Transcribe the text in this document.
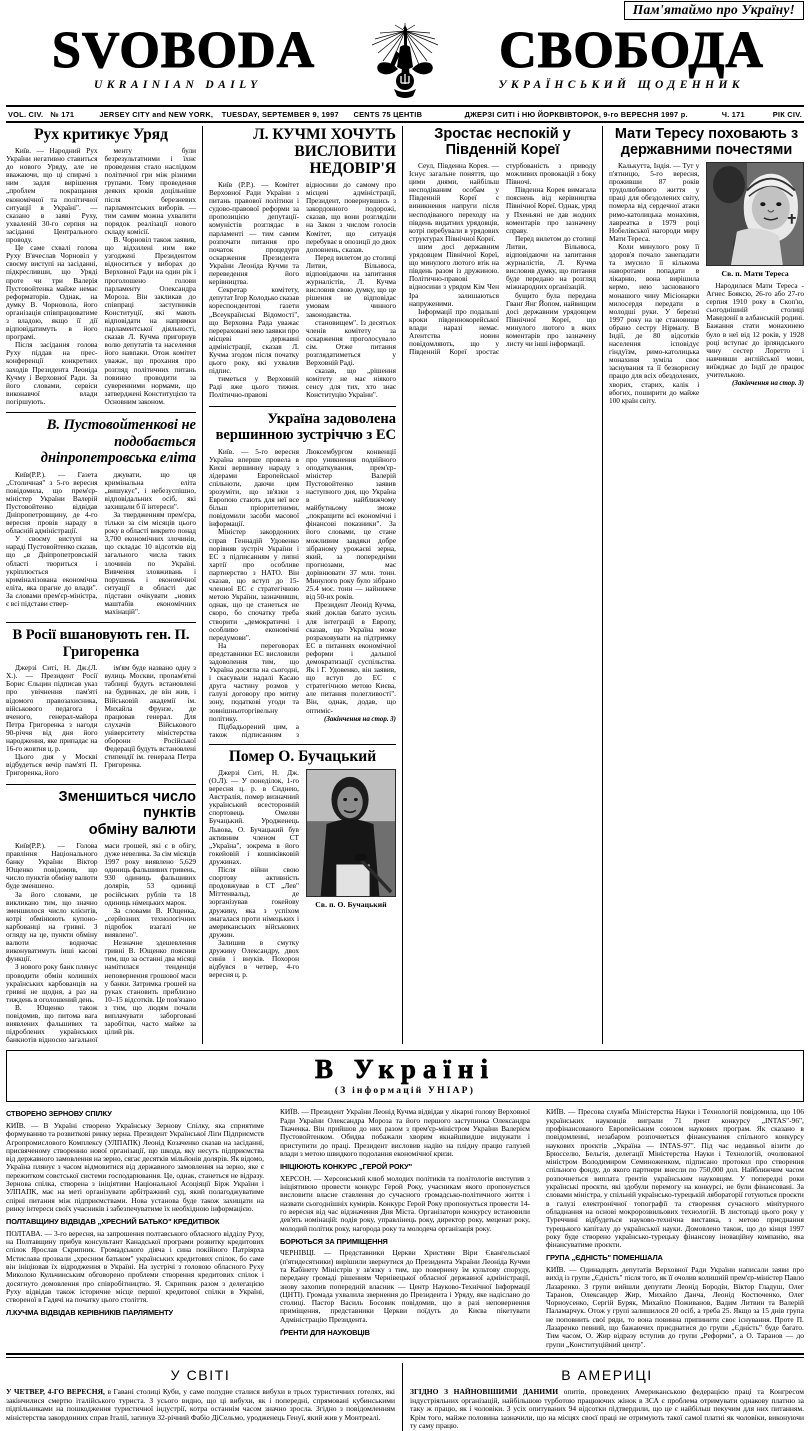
Пам'ятаймо про Україну!
SVOBODA
UKRAINIAN DAILY
СВОБОДА
УКРАЇНСЬКИЙ ЩОДЕННИК
VOL. CIV. № 171	JERSEY CITY and NEW YORK,	TUESDAY, SEPTEMBER 9, 1997	CENTS 75 ЦЕНТІВ	ДЖЕРЗІ СИТІ і НЮ ЙОРК ВІВТОРОК, 9-го ВЕРЕСНЯ 1997 р.	Ч. 171	РІК CIV.
Рух критикує Уряд

Київ. — Народний Рух України негативно ставиться до нового Уряду, але не вважаючи, що ці спирачі з ним задля вирішення „проблем покращання економічної та політичної ситуації в Україні". — сказано в заяві Руху, ухваленій 30-го серпня на засіданні Центрального проводу.

Це саме схвалі голова Руху В'ячеслав Чорновіл у своєму виступі на засіданні, підкресливши, що Уряді проте чи три Валерія Пустовойтенка майже немає реформаторів. Однак, на думку В. Чорновола, його організація співпрацюватиме з владою, якщо її дії відповідатимуть в його програмі.

Після засідання голова Руху піддав на прес-конференції конкретних заходів Президента Леоніда Кучму і Верховної Ради. За його словами, сервіси виконавчої влади погіршують.

менту були безрезультатними і їхнє проведення стало наслідком політичної гри між різними групами. Тому проведення деяких кроків доцільніше після березневих парламентських виборів. — тим самим можна ухвалити порядок реалізації нового складу комісії.

В. Чорновіл також заявив, що відхилені ним вже узгоджені Президентом відноситься у виборах до Верховної Ради на один рік і проголошено голови парламенту Олександра Мороза. Він закликав до співпраці заступників Конституції, які мають відповідати на напрямки парламентської діяльності, сказав Л. Кучма пригорнув волю депутатів та населення його навпаки. Отож комітет уважає, що прохання про розгляд політичних питань повинно проводити за суверенними нормами, що затверджені Конституцією та Основним законом.

В. Пустовойтенкові не подобається
дніпропетровська еліта

Київ(Р.Р.). — Газета „Столичная" з 5-го вересня повідомила, що прем'єр-міністер України Валерій Пустовойтенко відвідав Дніпропетровщину, де 4-го вересня провів нараду в обласній адміністрації.

У своєму виступі на нараді Пустовойтенко сказав, що „в Дніпропетровській області твориться і укріплюється криміналізована економічна еліта, яка прагне до влади". За словами прем'єр-міністра, є всі підстави ствер-

джувати, що ця кримінальна еліта „вишукує", і небезуспішно, відповідальних осіб, які захищали б її інтереси".

За твердженням прем'єра, тільки за сім місяців цього року в області викрито понад 3,700 економічних злочинів, що складає 10 відсотків від загального числа таких злочинів по Україні. Вивчення зловживань і порушень і економічної ситуації в області дає підстави очікувати „нових маштабів економічних махінацій".

В Росії вшановують ген. П. Григоренка

Джерзі Ситі, Н. Дж.(Л. Х.). — Президент Росії Борис Єльцин підписав указ про увічнення пам'яті відомого правозахисника, військового педагога і вченого, генерал-майора Петра Григоренка з нагоди 90-річчя від дня його народження, яке припадає на 16-го жовтня ц. р.

Цього дня у Москві відбудеться вечір пам'яті П. Григоренка, його

ім'ям буде названо одну з вулиць Москви, пропам'ятні таблиці будуть встановлені на будинках, де він жив, і Військовій академії ім. Михайла Фрунзе, де працював генерал. Для слухачів Військового університету міністерства оборони Російської Федерації будуть встановлені стипендії ім. генерала Петра Григоренка.

Зменшиться число пунктів
обміну валюти

Київ(Р.Р.). — Голова правління Національного банку України Віктор Ющенко повідомив, що число пунктів обміну валюти буде зменшено.

За його словами, це викликано тим, що значно зменшилося число клієнтів, котрі обмінюють купоно-карбованці на гривні. З огляду на це, пункти обміну валюти водночас виконуватимуть інші касові функції.

З нового року банк плянує проводити обмін колишніх українських карбованців на гривні не щодня, а раз на тиждень в оголошений день.

В. Ющенко також повідомив, що питома вага виявлених фальшивих та підроблених українських банкнотів відносно загальної маси грошей, які є в обігу, дуже невелика. За сім місяців 1997 року виявлено 5,629 одиниць фальшивих гривень, 930 одиниць фальшивих долярів, 53 одиниці російських рублів та 18 одиниць німецьких марок.

За словами В. Ющенка, „серйозних технологічних підробок взагалі не виявлено".

Незначне здешевлення гривні В. Ющенко пояснив тим, що за останні два місяці намітилася тенденція неповернення грошової маси у банки. Затримка грошей на руках становить приблизно 10–15 відсотків. Це пов'язано з тим, що людям почали виплачувати заборговані заробітки, часто майже за цілий рік.

Л. КУЧМІ ХОЧУТЬ ВИСЛОВИТИ
НЕДОВІР'Я

Київ (Р.Р.). — Комітет Верховної Ради України з питань правової політики і судово-правової реформи за пропозицією депутації-комуністів розглядає в парламенті — тим самим розпочати питання про початок процедури оскарження Президента України Леоніда Кучми та переведення його керівництва.

Секретар комітету, депутат Ігор Колодько сказав кореспондентові газети „Всеукраїнські Відомості", що Верховна Рада уважає перераховані нею заявки про місцеві державні адміністрації, сказав Л. Кучма згодом після початку цього року, які ухвалив підпис.

тиметься у Верховній Раді вже цього тижня. Політично-правові відносини до самому про місцеві адміністрації, Президент, повернувшись з закордонного подорожі, сказав, що вони розгляділи на Закон з числом голосів Комітет, що ситуація перебуває в опозиції до двох доповнень, сказав.

Перед вилетом до столиці Литви, Вільнюса, відповідаючи на запитання журналістів, Л. Кучма висловив свою думку, що це рішення не відповідає умовам чинного законодавства.

становищем". Із десятьох членів комітету за оскарження проголосувало сім. Отже питання розглядатиметься у Верховній Раді.

сказав, що „рішення комітету не має ніякого сенсу для тих, хто знає Конституцію України".

Україна задоволена
вершинною зустріччю з ЕС

Київ. — 5-го вересня Україна вперше провела в Києві вершинну нараду з лідерами Европейської спільноти, даючи цим зрозуміти, що зв'язки з Европою стають для неї все більш пріоритетними, повідомили засоби масової інформації.

Міністер закордонних справ Геннадій Удовенко порівняв зустріч України і ЕС з підписанням у липні хартії про особливе партнерство з НАТО. Він сказав, що вступ до 15-членної ЕС є стратегічною метою України, зазначивши, однак, що це станеться не скоро, бо спочатку треба створити „демократичні і особливо економічні передумови".

На переговорах представники ЕС висловили задоволення тим, що Україна досягла на сьогодні, і скасували надалі Касаю друга частину розмов у галузі договору про митну зону, податкові угоди та зовнішньоторгівельну політику.

Підбадьорений цим, а також підписанням з Люксембургом конвенції про уникнення подвійного оподаткування, прем'єр-міністер Валерій Пустовойтенко заявив наступного дня, що Україна в найближчому майбутньому зможе „покращити всі економічні і фінансові показники". За його словами, це стане можливим завдяки добре зібраному урожаєві зерна, який, за попередніми прогнозами, має дорівнювати 37 млн. тонн. Минулого року було зібрано 25.4 моє. тонн — найнижче від 50-их років.

Президент Леонід Кучма, який доклав багато зусиль для інтеграції в Европу, сказав, що Україна може розраховувати на підтримку ЕС в питаннях економічної реформи і дальшої демократизації суспільства. Як і Г. Удовенко, він заявив, що вступ до ЕС є стратегічною метою Києва, але питання полегливості". Він, однак, додав, що оптиміс-

(Закінчення на стор. 3)

Помер О. Бучацький

Джерзі Ситі, Н. Дж. (О.Л). — У понеділок, 1-го вересня ц. р. в Сиднею, Австралія, помер визначний український всесторонній спортовець Омелян Бучацький. Уродженець Львова, О. Бучацький був активним членом СТ „Україна", зокрема в його гокейовій і кошиківковій дружинах.

Після війни свою спортову активність продовжував в СТ „Лев" Міттенвальд, де зорганізував гокейову дружину, яка з успіхом змагалася проти німецьких і американських військових дружин.

Залишив в смутку дружину Олександру, двох синів і внуків. Похорон відбувся в четвер, 4-го вересня ц. р.

Св. п. О. Бучацький
Зростає неспокій у Південній Кореї

Сеул, Південна Корея. — Існує загальне поняття, що цими днями, найбільш несподіваним особам у Південній Кореї є виникнення напруги після несподіваного переходу на південь видатних урядовців, котрі перебували в урядових структурах Північної Кореї.

шим досі державним урядовцем Північної Кореї, що минулого лютого втік на південь разом із дружиною. Політично-правові відносини з урядом Кім Чен Іра залишаються напруженими.

Інформації про подальші кроки південнокорейської влади наразі немає. Аґентства новин повідомляють, що у Південній Кореї зростає стурбованість з приводу можливих провокацій з боку Півночі.

Південна Корея вимагала пояснень від керівництва Північної Кореї. Однак, уряд у Пхеньяні не дав жодних коментарів про зазначену справу.

Перед вилетом до столиці Литви, Вільнюса, відповідаючи на запитання журналістів, Л. Кучма висловив думку, що питання буде передано на розгляд міжнародних організацій.

бущито була передана Гванґ Янг Йопом, найвищим досі державним урядовцем Північної Кореї, що минулого лютого в яких коментарів про зазначену листу чи інші інформації.

Мати Тересу поховають з
державними почестями

Калькутта, Індія. — Тут у п'ятницю, 5-го вересня, проживши 87 років трудолюбивого життя у праці для обездолених світу, померла від сердечної атаки римо-католицька монахиня, лавреатка в 1979 році Нобелівської нагороди миру Мати Тереса.

Коли минулого року її здоров'я почало занепадати та змусило її кількома наворотами попадати в лікарню, вона вирішила кермо, нею заснованого монашого чину Місіонарки милосердя передати в молодші руки. У березні 1997 року на це становище обрано сестру Нірмалу. В Індії, де 80 відсотків населення ісповідує гіндуїзм, римо-католицька монахиня зуміла своє заснування та її безкорисну працю для всіх обездолених, хворих, старих, калік і вбогих, поширити до майже 100 країн світу.

Св. п. Мати Тереса

Народилася Мати Тереса - Агнес Бояксю, 26-го або 27-го серпня 1910 року в Скоп'ю, сьогоднішній столиці Македонії в албанській родині. Бажання стати монахинею було в неї від 12 років, у 1928 році вступає до ірляндського чину сестер Лоретто і навчивши англійської мови, виїжджає до Індії де працює учителькою.

(Закінчення на стор. 3)

В Україні
(З інформацій УНІАР)
СТВОРЕНО ЗЕРНОВУ СПІЛКУ

КИЇВ. — В Україні створено Українську Зернову Спілку, яка сприятиме формуванню та розвиткові ринку зерна. Президент Української Ліґи Підприємств Агропромислового Комплексу (УЛПАПК) Леонід Козаченко сказав на засіданні, присвяченому створенню нової організації, що шкода, яку несуть підприємства від державного замовлення на зерно, сягає десятків мільйонів долярів. Як відомо, Україна плянує з часом відмовитися від державного замовлення на зерно, яке є пережитком совєтської системи господарювання. Це, однак, станеться не відразу. Зернова спілка, створена з ініціятиви Національної Асоціяції Бірж України і УЛПАПК, має на меті організувати арбітражний суд, який полагоджуватиме спірні питання між підприємствами. Нова установа буде також захищати на ринку інтереси своїх учасників і забезпечуватиме їх необхідною інформацією.

ПОЛТАВЩИНУ ВІДВІДАВ „ХРЕСНИЙ БАТЬКО" КРЕДИТІВОК

ПОЛТАВА. — 3-го вересня, на запрошення полтавського обласного відділу Руху, на Полтавщину прибув консультант Канадської програми розвитку кредитових спілок Ярослав Скрипник. Громадського діяча і сина покійного Патріярха Мстислава прозвали „хресним батьком" українських кредитових спілок, бо саме він ініціював їх відродження в Україні. На зустрічі з головою обласного Руху Миколою Кульчинським обговорено проблеми створення кредитових спілок і досягнуто домовлення про співробітництво. Я. Скрипник разом з делегацією Руху відвідав також історичне місце першої кредитової спілки в Україні, створеної в Гадячі на початку цього століття.

Л.КУЧМА ВІДВІДАВ КЕРІВНИКІВ ПАРЛЯМЕНТУ

КИЇВ. — Президент України Леонід Кучма відвідав у лікарні голову Верховної Ради України Олександра Мороза та його першого заступника Олександра Ткаченка. Він прийшов до них разом з прем'єр-міністром України Валерієм Пустовойтенком. Обидва побажали хворим якнайшвидше видужати і приступити до праці. Президент висловив надію на плідну працю галузей влади з метою швидкого подолання економічної кризи.

ІНІЦІЮЮТЬ КОНКУРС „ГЕРОЙ РОКУ"

ХЕРСОН. — Херсонський клюб молодих політиків та політологів виступив з ініціятивою провести конкурс Герой Року, учасникам якого пропонується висловити власне ставлення до сучасного громадсько-політичного життя і назвати сьогоднішніх кумирів. Конкурс Герой Року пропонується провести 14-го вересня від час відзначення Дня Міста. Організатори конкурсу встановили дев'ять номінацій: подія року, управлінець року, директор року, меценат року, молодий політик року, нагорода року та молодеча організація року.

БОРЮТЬСЯ ЗА ПРИМІЩЕННЯ

ЧЕРНІВЦІ. — Представники Церкви Християн Віри Євангельської (п'ятидесятники) вирішили звернутися до Президента України Леоніда Кучми та Кабінету Міністрів у зв'язку з тим, що повернену їм культову споруду, передану громаді рішенням Чернівецької обласної державної адміністрації, знову захопив попередній власник — Центр Науково-Технічної Інформації (ЦНТІ). Громада ухвалила звернення до Президента і Уряду, яке надіслано до столиці. Пастор Василь Босовик повідомив, що в разі неповернення приміщення, представники Церкви поїдуть до Києва пікетувати Адміністрацію Президента.

ҐРЕНТИ ДЛЯ НАУКОВЦІВ

КИЇВ. — Пресова служба Міністерства Науки і Технологій повідомила, що 106 українських науковців виграли 71 ґрент конкурсу „INTAS"-96", профінансованого Европейським союзом наукових програм. Як сказано в повідомленні, незабаром розпочнеться фінансування спільного конкурсу наукових проєктів „Україна — INTAS-97". Під час недавньої візити до Брюсселю, Бельгія, делегації Міністерства Науки і Технологій, очолюваної міністром Володимиром Семиноженком, підписано протокол про створення спільного фонду, до якого партнери внесли по 750,000 дол. Найближчим часом розпочнеться виплата ґрентів українським науковцям. У попередні роки українські проєкти, які здобули перемогу на конкурсі, не були фінансовані. За словами міністра, у спільній українсько-турецькій лябораторії готуються проєкти в галузі електронічної топографії та створення сучасного мінітурного обладнання на основі мокророзвильових технологій. В листопаді цього року у Туреччині відбудеться науково-технічна виставка, з метою приєднання турецького капіталу до української науки. Домовлено також, що до кінця 1997 року буде створено українсько-турецьку фінансову іноваційну компанію, яка фінансуватиме проєкти.

ГРУПА „ЄДНІСТЬ" ПОМЕНШАЛА

КИЇВ. — Одинадцять депутатів Верховної Ради України написали заяви про вихід із групи „Єдність" після того, як її очолив колишній прем'єр-міністер Павло Лазаренко. З групи вийшли депутати Леонід Бородін, Віктор Гладуш, Олег Таранов, Олександер Жир, Михайло Данча, Леонід Костюченко, Олег Чорноусенко, Сергій Буряк, Михайло Поживанов, Вадим Литвин та Валерій Паламарчук. Отож у групі залишилося 20 осіб, а треба 25. Якщо за 15 днів група не поповнить свої ряди, то вона повинна припинити своє існування. Проте П. Лазаренко певний, що бажаючих приєднатися до групи „Єдність" буде багато. Тим часом, О. Жир відразу вступив до групи „Реформи", а О. Таранов — до групи „Конституційний центр".

У СВІТІ

У ЧЕТВЕР, 4-ГО ВЕРЕСНЯ, в Гавані столиці Куби, у саме полудне сталися вибухи в трьох туристичних готелях, які закінчилися смертю італійського туриста. З усього видно, що ці вибухи, як і попередні, спрямовані кубинськими підпільниками на пошкодження туристичної індустрії, котра останнім часом значно зросла. Згідно з повідомленням міністерства закордонних справ Італії, загинув 32-річний Фабіо ДіСельмо, уродженець Генуї, який жив у Монтреалі.

В АМЕРИЦІ

ЗГІДНО З НАЙНОВІШИМИ ДАНИМИ опитів, проведених Американською федерацією праці та Конгресом індустріяльних організацій, найбільшою турботою працюючих жінок в ЗСА є проблема отримувати однакову платню за таку ж працю, як і чоловіки. З усіх опитуваних 94 відсотки підтвердили, що це є найбільш пекучим для них питанням. Крім того, майже половина зазначили, що на місцях своєї праці не отримують такої самої платні як чоловіки, виконуючи ту саму працю.
